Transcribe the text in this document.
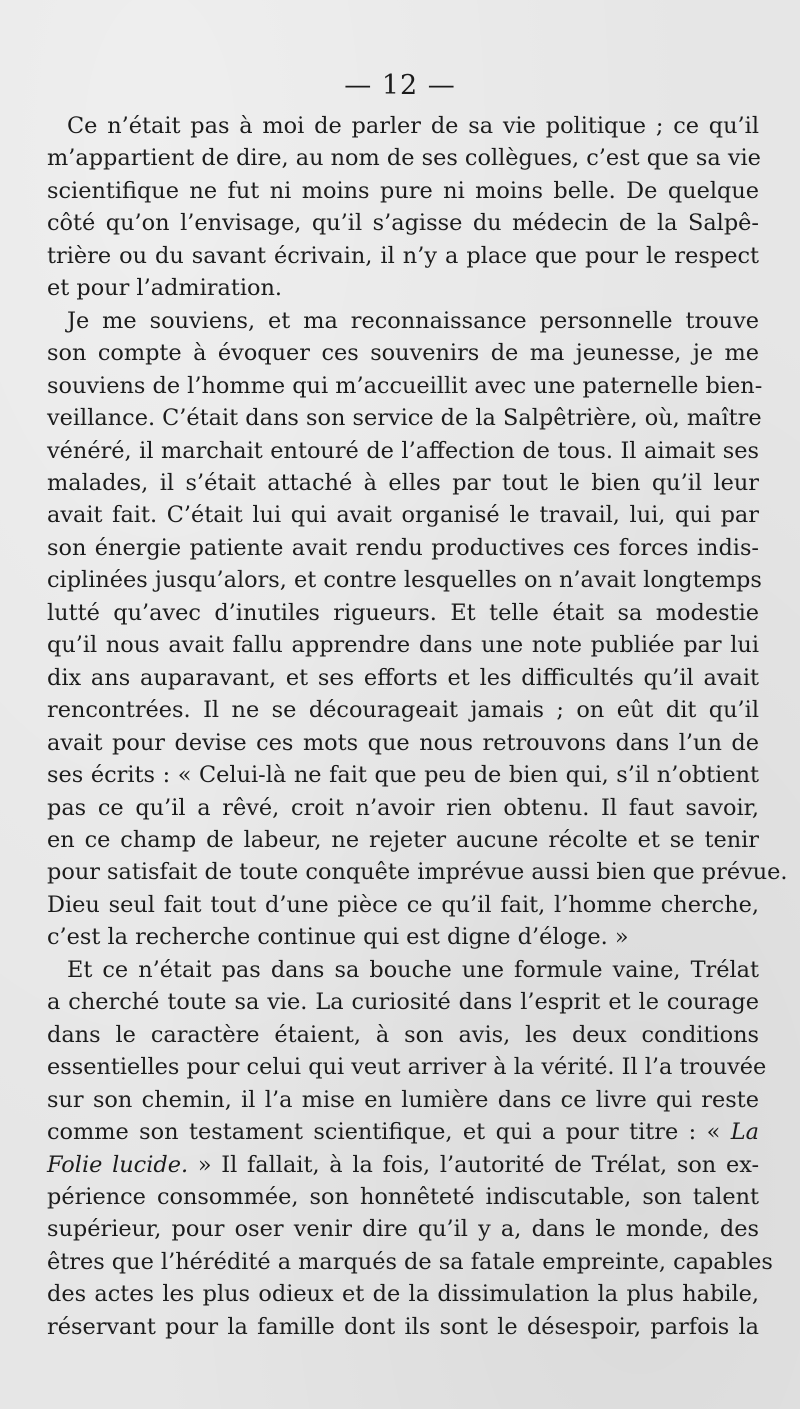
— 12 —

Ce n’était pas à moi de parler de sa vie politique ; ce qu’il
m’appartient de dire, au nom de ses collègues, c’est que sa vie
scientifique ne fut ni moins pure ni moins belle. De quelque
côté qu’on l’envisage, qu’il s’agisse du médecin de la Salpê-
trière ou du savant écrivain, il n’y a place que pour le respect
et pour l’admiration.

Je me souviens, et ma reconnaissance personnelle trouve
son compte à évoquer ces souvenirs de ma jeunesse, je me
souviens de l’homme qui m’accueillit avec une paternelle bien-
veillance. C’était dans son service de la Salpêtrière, où, maître
vénéré, il marchait entouré de l’affection de tous. Il aimait ses
malades, il s’était attaché à elles par tout le bien qu’il leur
avait fait. C’était lui qui avait organisé le travail, lui, qui par
son énergie patiente avait rendu productives ces forces indis-
ciplinées jusqu’alors, et contre lesquelles on n’avait longtemps
lutté qu’avec d’inutiles rigueurs. Et telle était sa modestie
qu’il nous avait fallu apprendre dans une note publiée par lui
dix ans auparavant, et ses efforts et les difficultés qu’il avait
rencontrées. Il ne se décourageait jamais ; on eût dit qu’il
avait pour devise ces mots que nous retrouvons dans l’un de
ses écrits : « Celui-là ne fait que peu de bien qui, s’il n’obtient
pas ce qu’il a rêvé, croit n’avoir rien obtenu. Il faut savoir,
en ce champ de labeur, ne rejeter aucune récolte et se tenir
pour satisfait de toute conquête imprévue aussi bien que prévue.
Dieu seul fait tout d’une pièce ce qu’il fait, l’homme cherche,
c’est la recherche continue qui est digne d’éloge. »

Et ce n’était pas dans sa bouche une formule vaine, Trélat
a cherché toute sa vie. La curiosité dans l’esprit et le courage
dans le caractère étaient, à son avis, les deux conditions
essentielles pour celui qui veut arriver à la vérité. Il l’a trouvée
sur son chemin, il l’a mise en lumière dans ce livre qui reste
comme son testament scientifique, et qui a pour titre : « La
Folie lucide. » Il fallait, à la fois, l’autorité de Trélat, son ex-
périence consommée, son honnêteté indiscutable, son talent
supérieur, pour oser venir dire qu’il y a, dans le monde, des
êtres que l’hérédité a marqués de sa fatale empreinte, capables
des actes les plus odieux et de la dissimulation la plus habile,
réservant pour la famille dont ils sont le désespoir, parfois la
